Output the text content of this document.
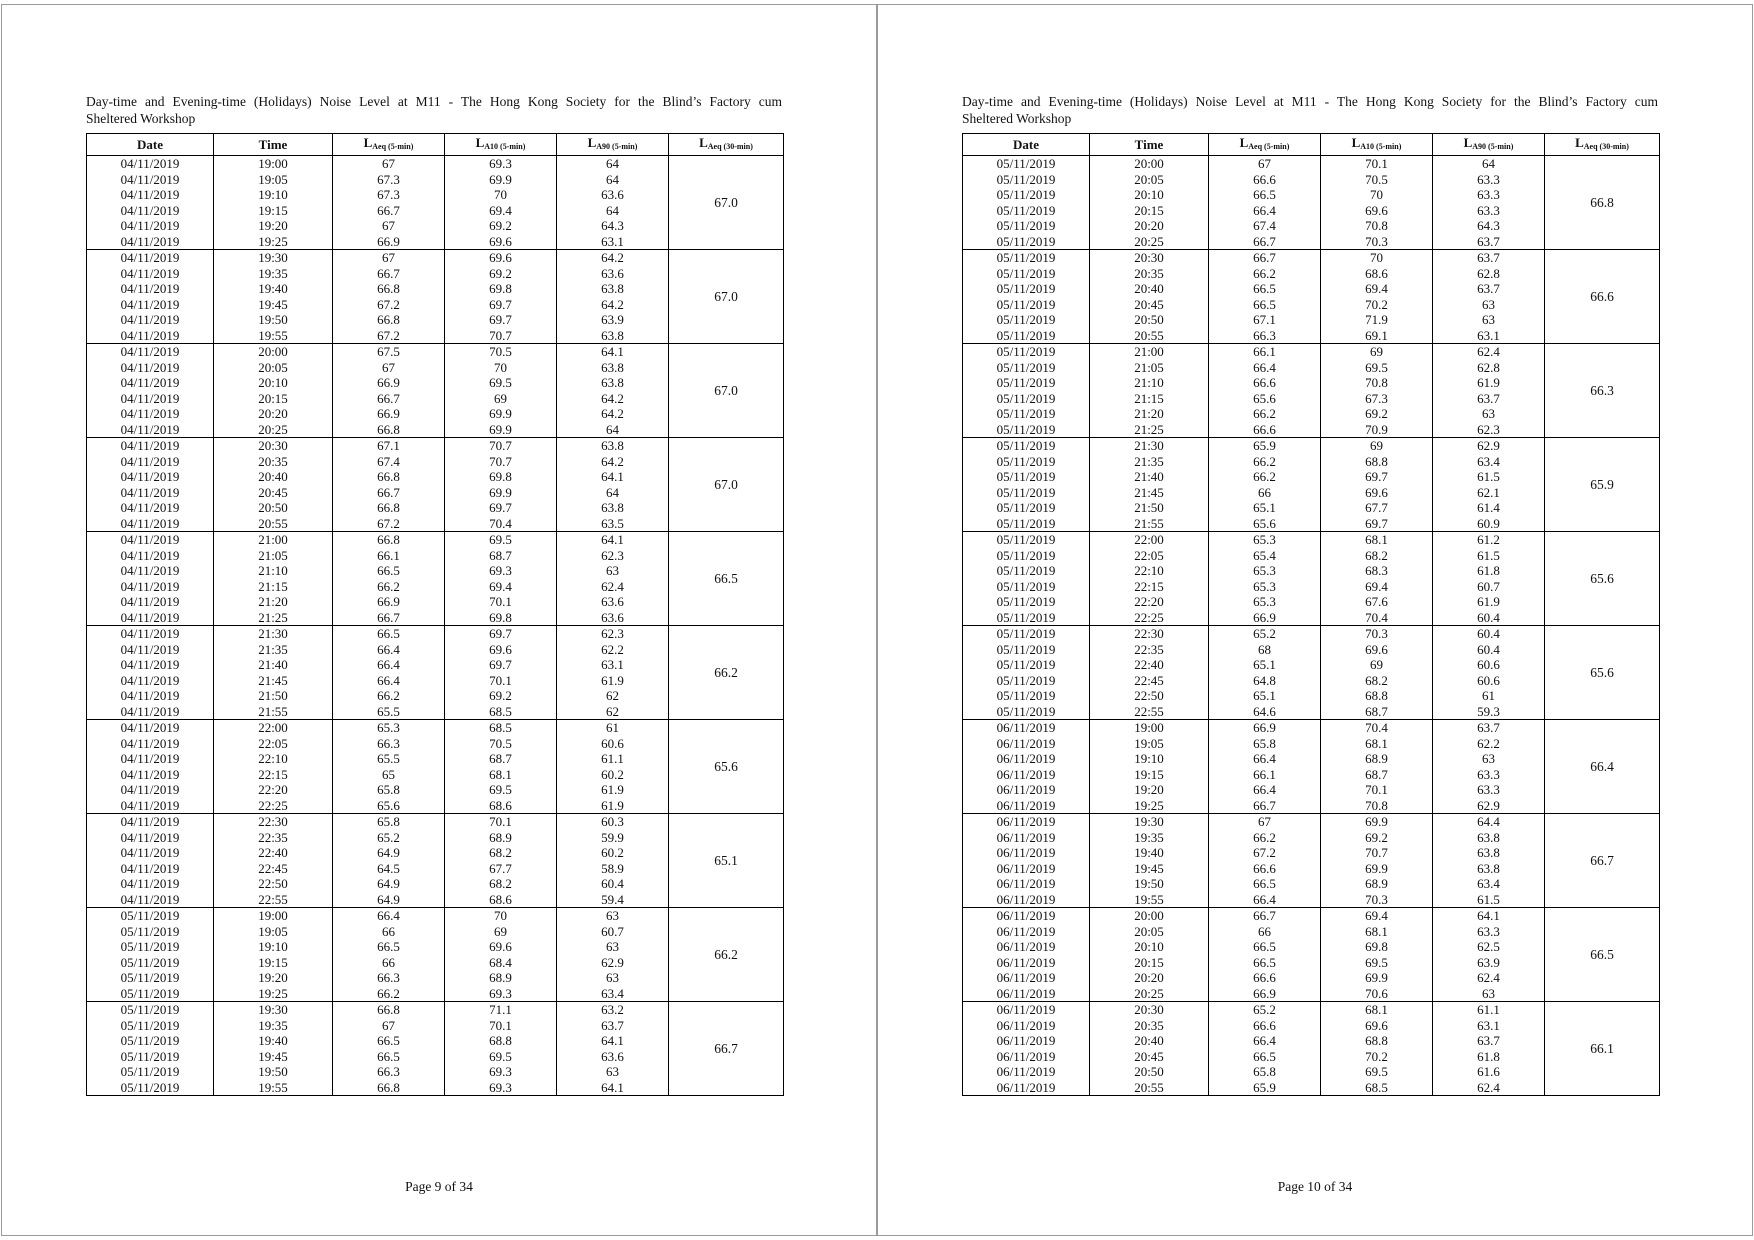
Day-time and Evening-time (Holidays) Noise Level at M11 - The Hong Kong Society for the Blind’s Factory cum
Sheltered Workshop
Date	Time	$L_{Aeq (5-min)}$	$L_{A10 (5-min)}$	$L_{A90 (5-min)}$	$L_{Aeq (30-min)}$
04/11/2019	19:00	67	69.3	64	67.0
04/11/2019	19:05	67.3	69.9	64	
04/11/2019	19:10	67.3	70	63.6	
04/11/2019	19:15	66.7	69.4	64	
04/11/2019	19:20	67	69.2	64.3	
04/11/2019	19:25	66.9	69.6	63.1	
04/11/2019	19:30	67	69.6	64.2	67.0
04/11/2019	19:35	66.7	69.2	63.6	
04/11/2019	19:40	66.8	69.8	63.8	
04/11/2019	19:45	67.2	69.7	64.2	
04/11/2019	19:50	66.8	69.7	63.9	
04/11/2019	19:55	67.2	70.7	63.8	
04/11/2019	20:00	67.5	70.5	64.1	67.0
04/11/2019	20:05	67	70	63.8	
04/11/2019	20:10	66.9	69.5	63.8	
04/11/2019	20:15	66.7	69	64.2	
04/11/2019	20:20	66.9	69.9	64.2	
04/11/2019	20:25	66.8	69.9	64	
04/11/2019	20:30	67.1	70.7	63.8	67.0
04/11/2019	20:35	67.4	70.7	64.2	
04/11/2019	20:40	66.8	69.8	64.1	
04/11/2019	20:45	66.7	69.9	64	
04/11/2019	20:50	66.8	69.7	63.8	
04/11/2019	20:55	67.2	70.4	63.5	
04/11/2019	21:00	66.8	69.5	64.1	66.5
04/11/2019	21:05	66.1	68.7	62.3	
04/11/2019	21:10	66.5	69.3	63	
04/11/2019	21:15	66.2	69.4	62.4	
04/11/2019	21:20	66.9	70.1	63.6	
04/11/2019	21:25	66.7	69.8	63.6	
04/11/2019	21:30	66.5	69.7	62.3	66.2
04/11/2019	21:35	66.4	69.6	62.2	
04/11/2019	21:40	66.4	69.7	63.1	
04/11/2019	21:45	66.4	70.1	61.9	
04/11/2019	21:50	66.2	69.2	62	
04/11/2019	21:55	65.5	68.5	62	
04/11/2019	22:00	65.3	68.5	61	65.6
04/11/2019	22:05	66.3	70.5	60.6	
04/11/2019	22:10	65.5	68.7	61.1	
04/11/2019	22:15	65	68.1	60.2	
04/11/2019	22:20	65.8	69.5	61.9	
04/11/2019	22:25	65.6	68.6	61.9	
04/11/2019	22:30	65.8	70.1	60.3	65.1
04/11/2019	22:35	65.2	68.9	59.9	
04/11/2019	22:40	64.9	68.2	60.2	
04/11/2019	22:45	64.5	67.7	58.9	
04/11/2019	22:50	64.9	68.2	60.4	
04/11/2019	22:55	64.9	68.6	59.4	
05/11/2019	19:00	66.4	70	63	66.2
05/11/2019	19:05	66	69	60.7	
05/11/2019	19:10	66.5	69.6	63	
05/11/2019	19:15	66	68.4	62.9	
05/11/2019	19:20	66.3	68.9	63	
05/11/2019	19:25	66.2	69.3	63.4	
05/11/2019	19:30	66.8	71.1	63.2	66.7
05/11/2019	19:35	67	70.1	63.7	
05/11/2019	19:40	66.5	68.8	64.1	
05/11/2019	19:45	66.5	69.5	63.6	
05/11/2019	19:50	66.3	69.3	63	
05/11/2019	19:55	66.8	69.3	64.1	
Page 9 of 34
Day-time and Evening-time (Holidays) Noise Level at M11 - The Hong Kong Society for the Blind’s Factory cum
Sheltered Workshop
Date	Time	$L_{Aeq (5-min)}$	$L_{A10 (5-min)}$	$L_{A90 (5-min)}$	$L_{Aeq (30-min)}$
05/11/2019	20:00	67	70.1	64	66.8
05/11/2019	20:05	66.6	70.5	63.3	
05/11/2019	20:10	66.5	70	63.3	
05/11/2019	20:15	66.4	69.6	63.3	
05/11/2019	20:20	67.4	70.8	64.3	
05/11/2019	20:25	66.7	70.3	63.7	
05/11/2019	20:30	66.7	70	63.7	66.6
05/11/2019	20:35	66.2	68.6	62.8	
05/11/2019	20:40	66.5	69.4	63.7	
05/11/2019	20:45	66.5	70.2	63	
05/11/2019	20:50	67.1	71.9	63	
05/11/2019	20:55	66.3	69.1	63.1	
05/11/2019	21:00	66.1	69	62.4	66.3
05/11/2019	21:05	66.4	69.5	62.8	
05/11/2019	21:10	66.6	70.8	61.9	
05/11/2019	21:15	65.6	67.3	63.7	
05/11/2019	21:20	66.2	69.2	63	
05/11/2019	21:25	66.6	70.9	62.3	
05/11/2019	21:30	65.9	69	62.9	65.9
05/11/2019	21:35	66.2	68.8	63.4	
05/11/2019	21:40	66.2	69.7	61.5	
05/11/2019	21:45	66	69.6	62.1	
05/11/2019	21:50	65.1	67.7	61.4	
05/11/2019	21:55	65.6	69.7	60.9	
05/11/2019	22:00	65.3	68.1	61.2	65.6
05/11/2019	22:05	65.4	68.2	61.5	
05/11/2019	22:10	65.3	68.3	61.8	
05/11/2019	22:15	65.3	69.4	60.7	
05/11/2019	22:20	65.3	67.6	61.9	
05/11/2019	22:25	66.9	70.4	60.4	
05/11/2019	22:30	65.2	70.3	60.4	65.6
05/11/2019	22:35	68	69.6	60.4	
05/11/2019	22:40	65.1	69	60.6	
05/11/2019	22:45	64.8	68.2	60.6	
05/11/2019	22:50	65.1	68.8	61	
05/11/2019	22:55	64.6	68.7	59.3	
06/11/2019	19:00	66.9	70.4	63.7	66.4
06/11/2019	19:05	65.8	68.1	62.2	
06/11/2019	19:10	66.4	68.9	63	
06/11/2019	19:15	66.1	68.7	63.3	
06/11/2019	19:20	66.4	70.1	63.3	
06/11/2019	19:25	66.7	70.8	62.9	
06/11/2019	19:30	67	69.9	64.4	66.7
06/11/2019	19:35	66.2	69.2	63.8	
06/11/2019	19:40	67.2	70.7	63.8	
06/11/2019	19:45	66.6	69.9	63.8	
06/11/2019	19:50	66.5	68.9	63.4	
06/11/2019	19:55	66.4	70.3	61.5	
06/11/2019	20:00	66.7	69.4	64.1	66.5
06/11/2019	20:05	66	68.1	63.3	
06/11/2019	20:10	66.5	69.8	62.5	
06/11/2019	20:15	66.5	69.5	63.9	
06/11/2019	20:20	66.6	69.9	62.4	
06/11/2019	20:25	66.9	70.6	63	
06/11/2019	20:30	65.2	68.1	61.1	66.1
06/11/2019	20:35	66.6	69.6	63.1	
06/11/2019	20:40	66.4	68.8	63.7	
06/11/2019	20:45	66.5	70.2	61.8	
06/11/2019	20:50	65.8	69.5	61.6	
06/11/2019	20:55	65.9	68.5	62.4	
Page 10 of 34
